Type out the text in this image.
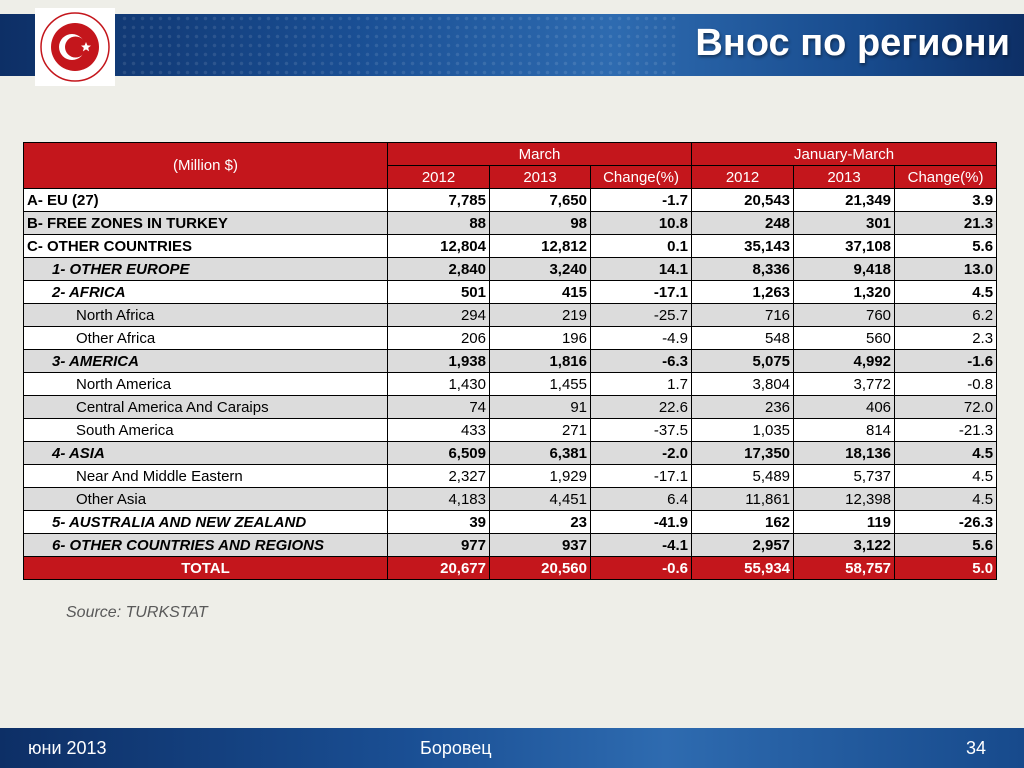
Внос по региони
(Million $)	March			January-March		
	2012	2013	Change(%)	2012	2013	Change(%)
A- EU (27)	7,785	7,650	-1.7	20,543	21,349	3.9
B- FREE ZONES IN TURKEY	88	98	10.8	248	301	21.3
C- OTHER COUNTRIES	12,804	12,812	0.1	35,143	37,108	5.6
1- OTHER EUROPE	2,840	3,240	14.1	8,336	9,418	13.0
2- AFRICA	501	415	-17.1	1,263	1,320	4.5
North Africa	294	219	-25.7	716	760	6.2
Other Africa	206	196	-4.9	548	560	2.3
3- AMERICA	1,938	1,816	-6.3	5,075	4,992	-1.6
North America	1,430	1,455	1.7	3,804	3,772	-0.8
Central America And Caraips	74	91	22.6	236	406	72.0
South America	433	271	-37.5	1,035	814	-21.3
4- ASIA	6,509	6,381	-2.0	17,350	18,136	4.5
Near And Middle Eastern	2,327	1,929	-17.1	5,489	5,737	4.5
Other Asia	4,183	4,451	6.4	11,861	12,398	4.5
5- AUSTRALIA AND NEW ZEALAND	39	23	-41.9	162	119	-26.3
6- OTHER COUNTRIES AND REGIONS	977	937	-4.1	2,957	3,122	5.6
TOTAL	20,677	20,560	-0.6	55,934	58,757	5.0
Source: TURKSTAT
юни 2013	Боровец	34
